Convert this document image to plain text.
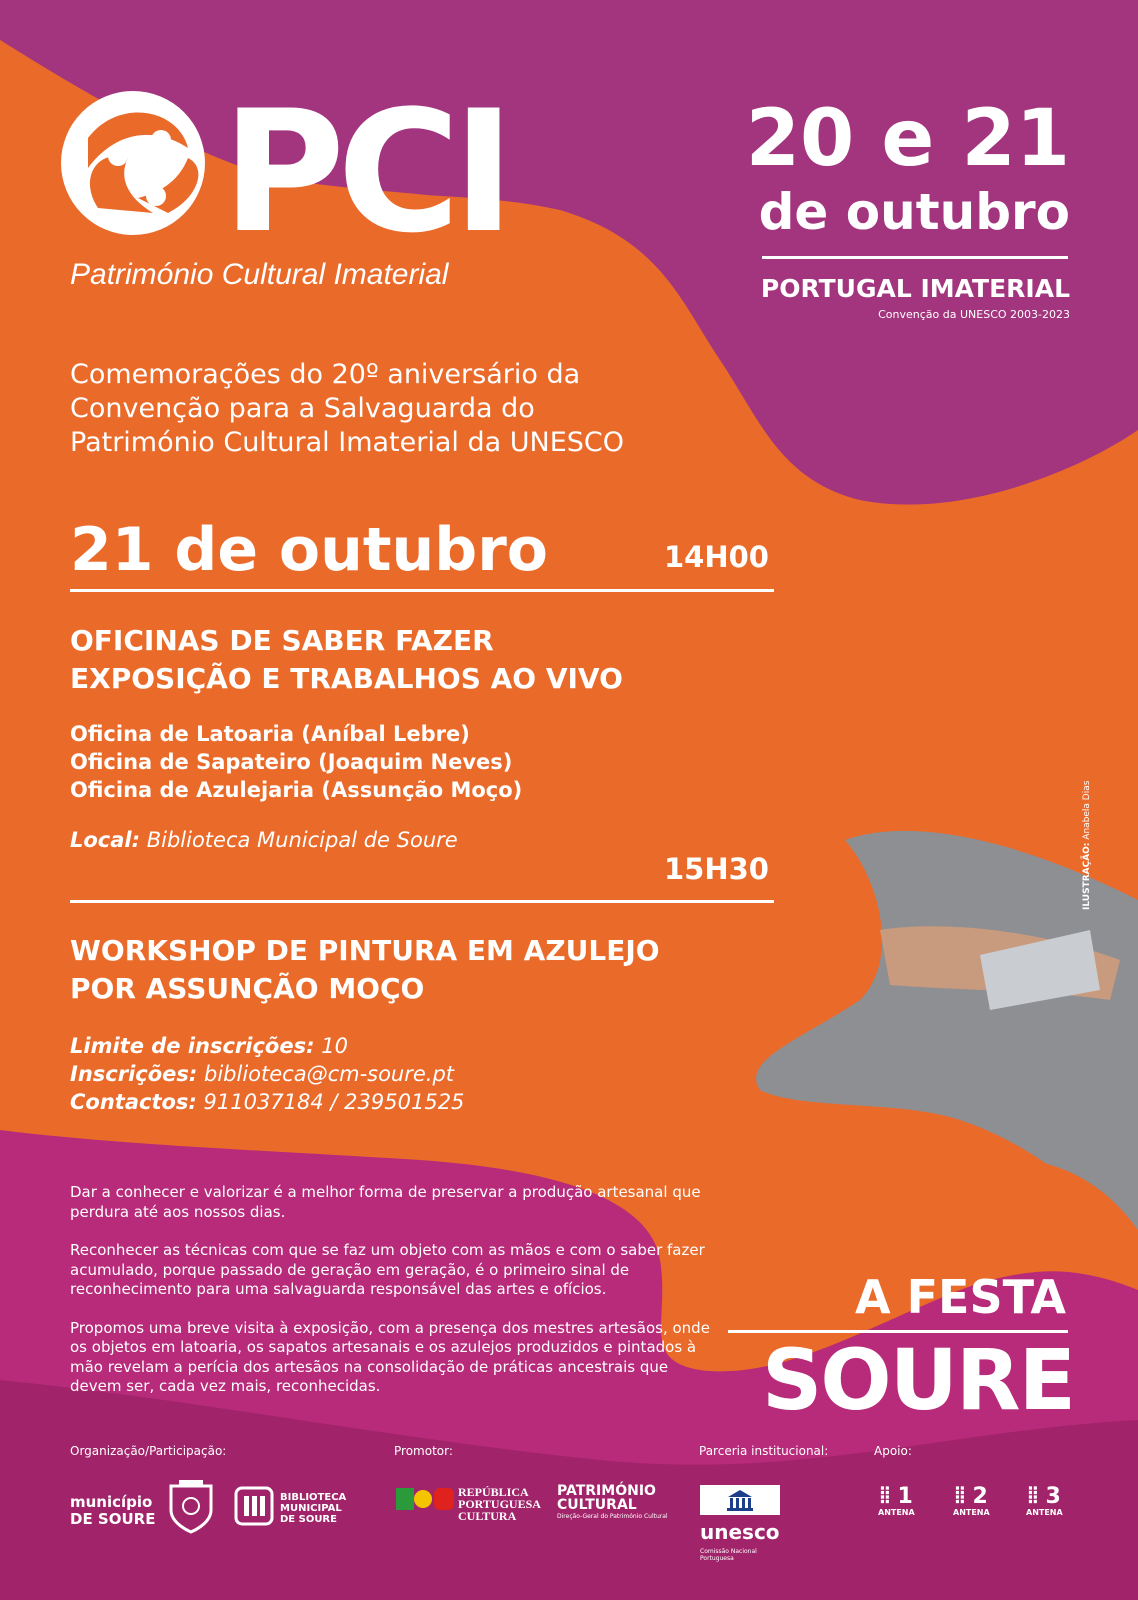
PCI
Património Cultural Imaterial
20 e 21
de outubro
PORTUGAL IMATERIAL
Convenção da UNESCO 2003-2023
Comemorações do 20º aniversário da
Convenção para a Salvaguarda do
Património Cultural Imaterial da UNESCO
21 de outubro	14H00
OFICINAS DE SABER FAZER
EXPOSIÇÃO E TRABALHOS AO VIVO
Oficina de Latoaria (Aníbal Lebre)
Oficina de Sapateiro (Joaquim Neves)
Oficina de Azulejaria (Assunção Moço)
Local: Biblioteca Municipal de Soure
15H30
WORKSHOP DE PINTURA EM AZULEJO
POR ASSUNÇÃO MOÇO
Limite de inscrições: 10
Inscrições: biblioteca@cm-soure.pt
Contactos: 911037184 / 239501525

Dar a conhecer e valorizar é a melhor forma de preservar a produção artesanal que perdura até aos nossos dias.

Reconhecer as técnicas com que se faz um objeto com as mãos e com o saber fazer acumulado, porque passado de geração em geração, é o primeiro sinal de reconhecimento para uma salvaguarda responsável das artes e ofícios.

Propomos uma breve visita à exposição, com a presença dos mestres artesãos, onde os objetos em latoaria, os sapatos artesanais e os azulejos produzidos e pintados à mão revelam a perícia dos artesãos na consolidação de práticas ancestrais que devem ser, cada vez mais, reconhecidas.

A FESTA
SOURE
ILUSTRAÇÃO: Anabela Dias
Organização/Participação:	Promotor:	Parceria institucional:	Apoio:
município
DE SOURE
BIBLIOTECA
MUNICIPAL
DE SOURE
REPÚBLICA
PORTUGUESA
CULTURA
PATRIMÓNIO
CULTURAL
Direção-Geral do Património Cultural
unesco
Comissão Nacional
Portuguesa
⦙⦙ 1
ANTENA
⦙⦙ 2
ANTENA
⦙⦙ 3
ANTENA
